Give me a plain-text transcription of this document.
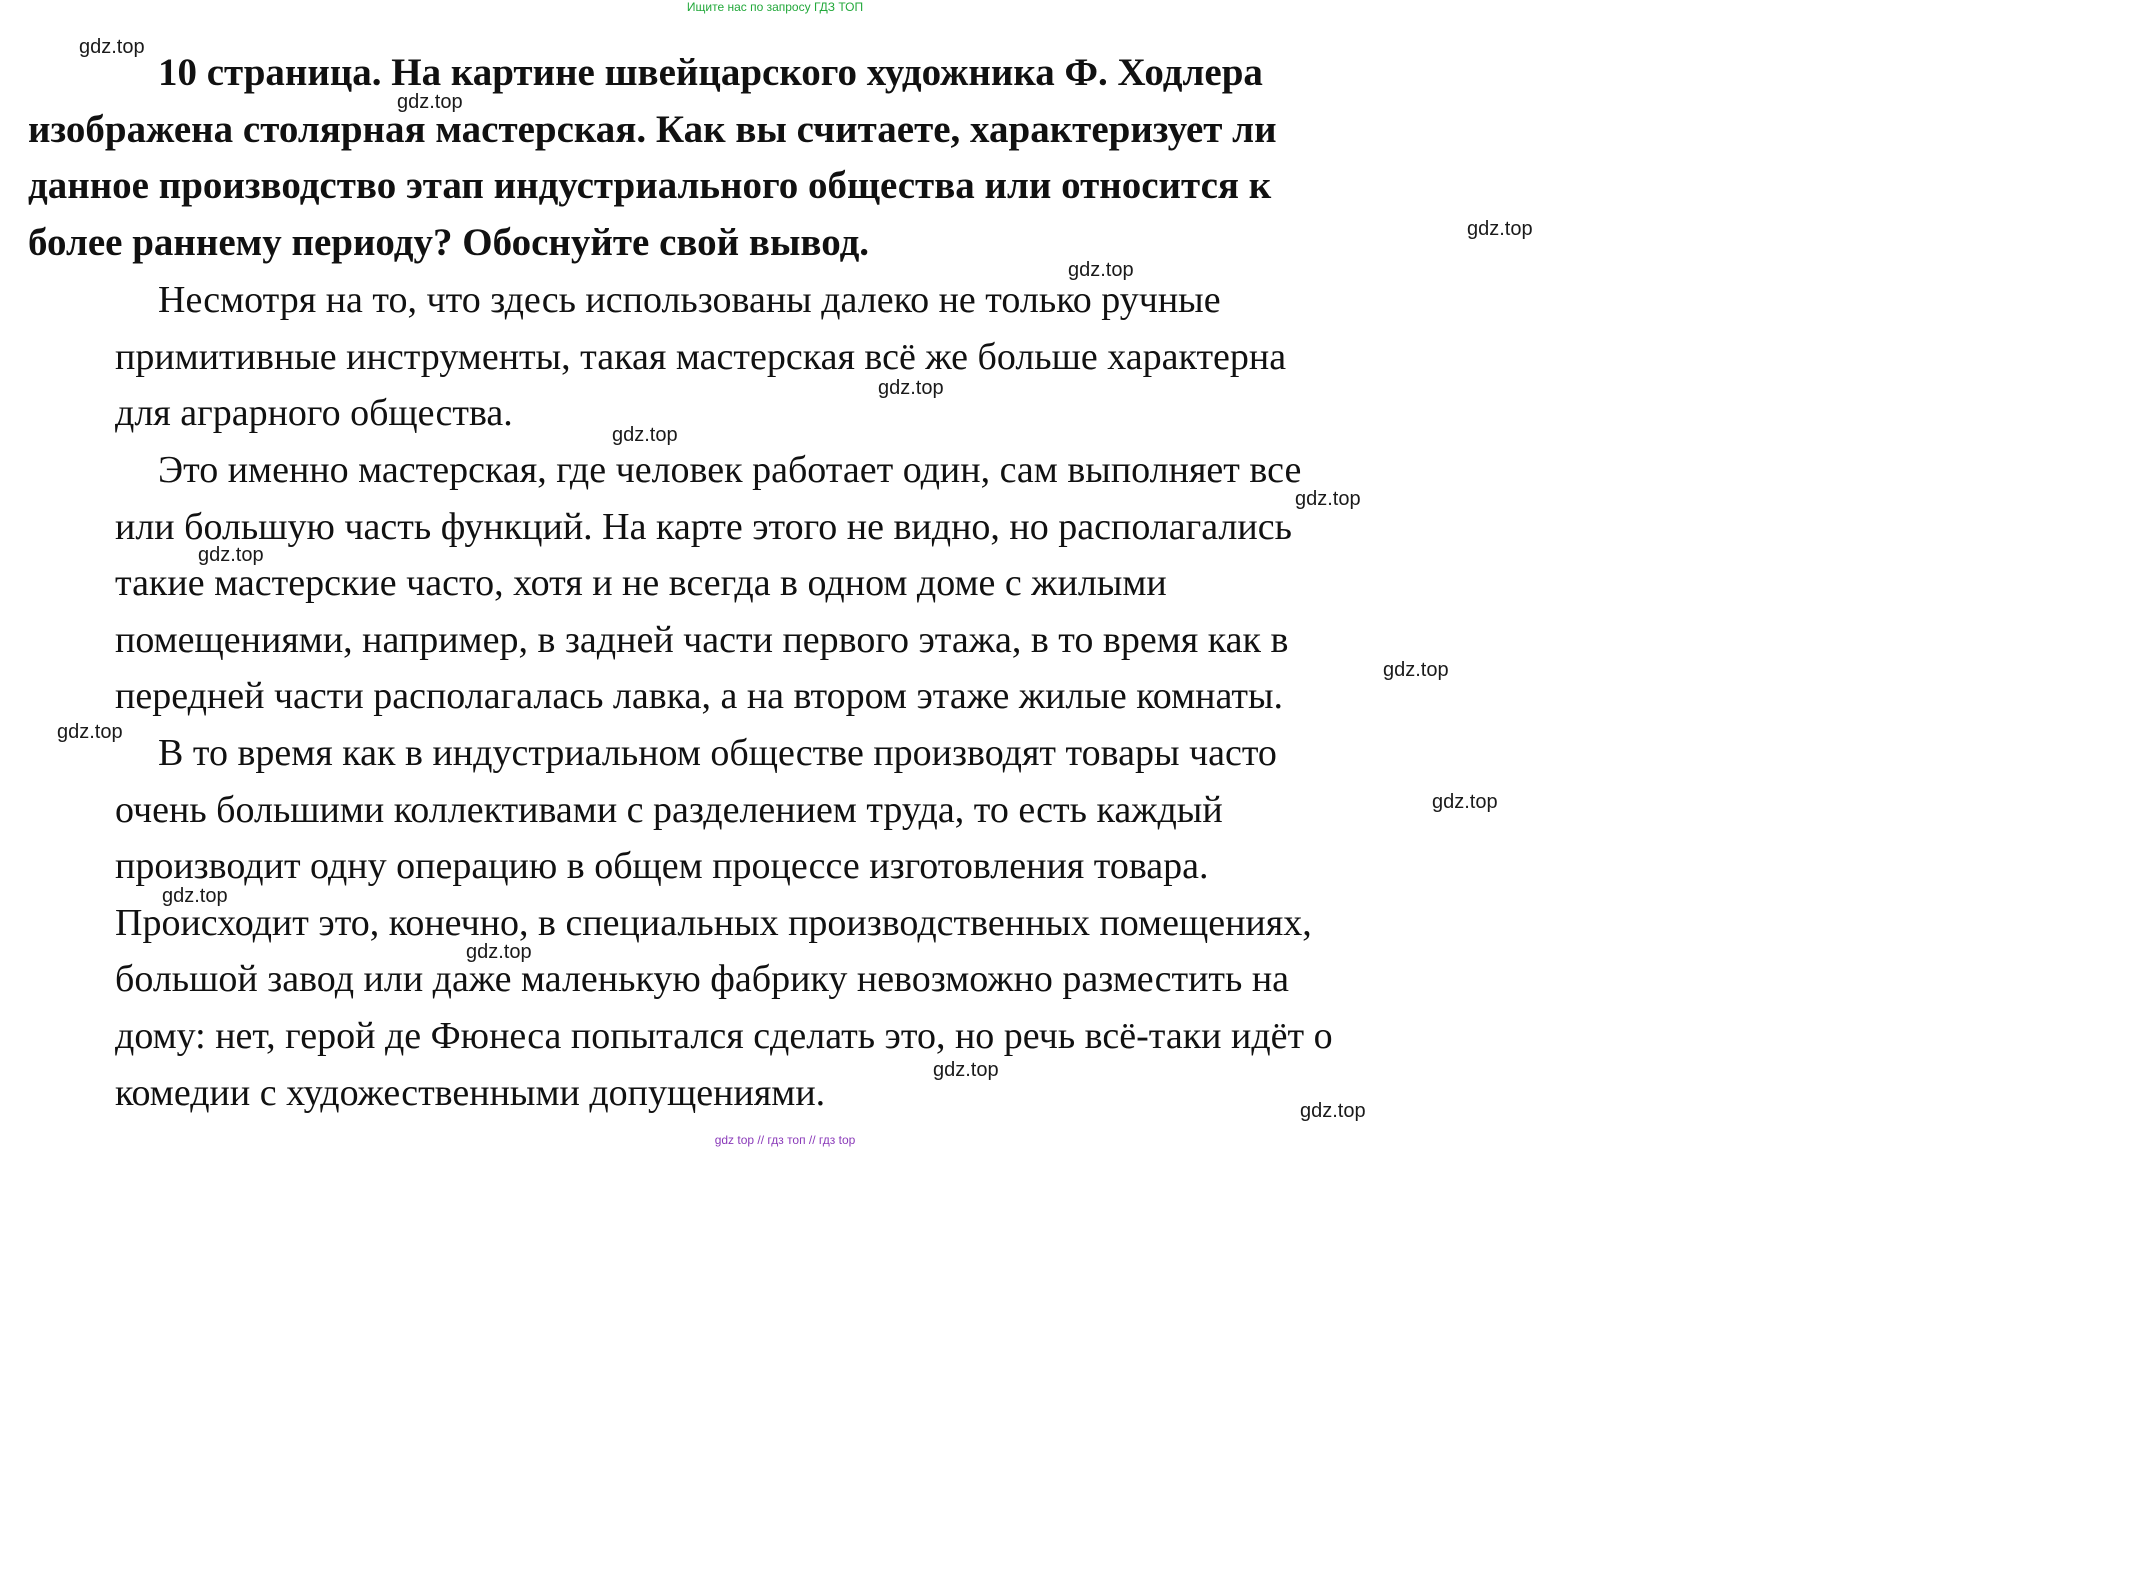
Ищите нас по запросу ГДЗ ТОП
10 страница. На картине швейцарского художника Ф. Ходлера
изображена столярная мастерская. Как вы считаете, характеризует ли
данное производство этап индустриального общества или относится к
более раннему периоду? Обоснуйте свой вывод.
Несмотря на то, что здесь использованы далеко не только ручные
примитивные инструменты, такая мастерская всё же больше характерна
для аграрного общества.
Это именно мастерская, где человек работает один, сам выполняет все
или большую часть функций. На карте этого не видно, но располагались
такие мастерские часто, хотя и не всегда в одном доме с жилыми
помещениями, например, в задней части первого этажа, в то время как в
передней части располагалась лавка, а на втором этаже жилые комнаты.
В то время как в индустриальном обществе производят товары часто
очень большими коллективами с разделением труда, то есть каждый
производит одну операцию в общем процессе изготовления товара.
Происходит это, конечно, в специальных производственных помещениях,
большой завод или даже маленькую фабрику невозможно разместить на
дому: нет, герой де Фюнеса попытался сделать это, но речь всё-таки идёт о
комедии с художественными допущениями.
gdz.top
gdz.top
gdz.top
gdz.top
gdz.top
gdz.top
gdz.top
gdz.top
gdz.top
gdz.top
gdz.top
gdz.top
gdz.top
gdz.top
gdz.top
gdz top // гдз топ // гдз top
